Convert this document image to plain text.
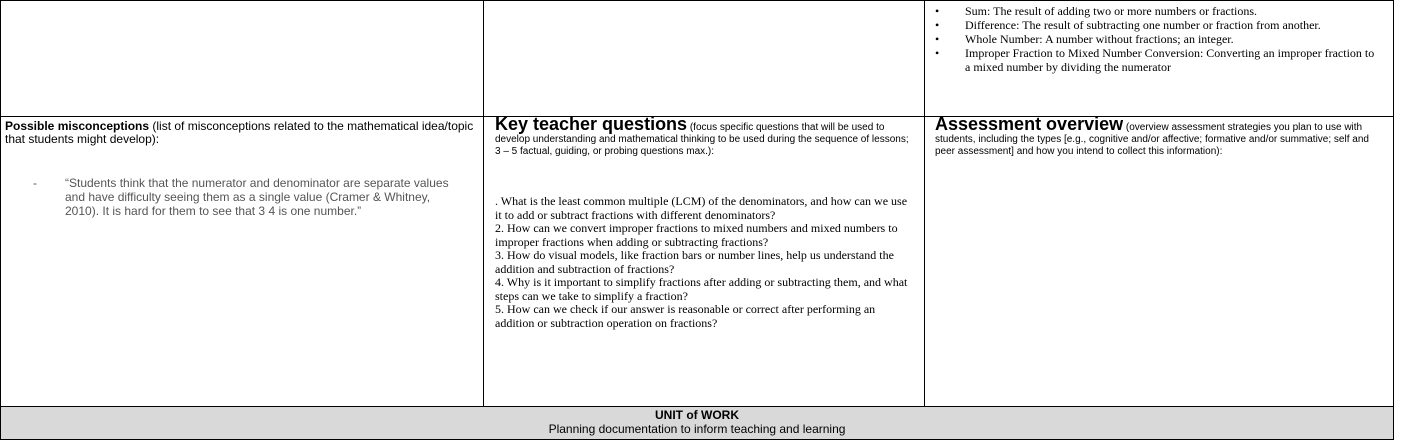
• Sum: The result of adding two or more numbers or fractions.
• Difference: The result of subtracting one number or fraction from another.
• Whole Number: A number without fractions; an integer.
• Improper Fraction to Mixed Number Conversion: Converting an improper fraction to a mixed number by dividing the numerator
Possible misconceptions (list of misconceptions related to the mathematical idea/topic that students might develop):
-	“Students think that the numerator and denominator are separate values and have difficulty seeing them as a single value (Cramer & Whitney, 2010). It is hard for them to see that 3 4 is one number.”
Key teacher questions (focus specific questions that will be used to develop understanding and mathematical thinking to be used during the sequence of lessons; 3 – 5 factual, guiding, or probing questions max.):

. What is the least common multiple (LCM) of the denominators, and how can we use it to add or subtract fractions with different denominators?

2. How can we convert improper fractions to mixed numbers and mixed numbers to improper fractions when adding or subtracting fractions?

3. How do visual models, like fraction bars or number lines, help us understand the addition and subtraction of fractions?

4. Why is it important to simplify fractions after adding or subtracting them, and what steps can we take to simplify a fraction?

5. How can we check if our answer is reasonable or correct after performing an addition or subtraction operation on fractions?

Assessment overview (overview assessment strategies you plan to use with students, including the types [e.g., cognitive and/or affective; formative and/or summative; self and peer assessment] and how you intend to collect this information):
UNIT of WORK
Planning documentation to inform teaching and learning
